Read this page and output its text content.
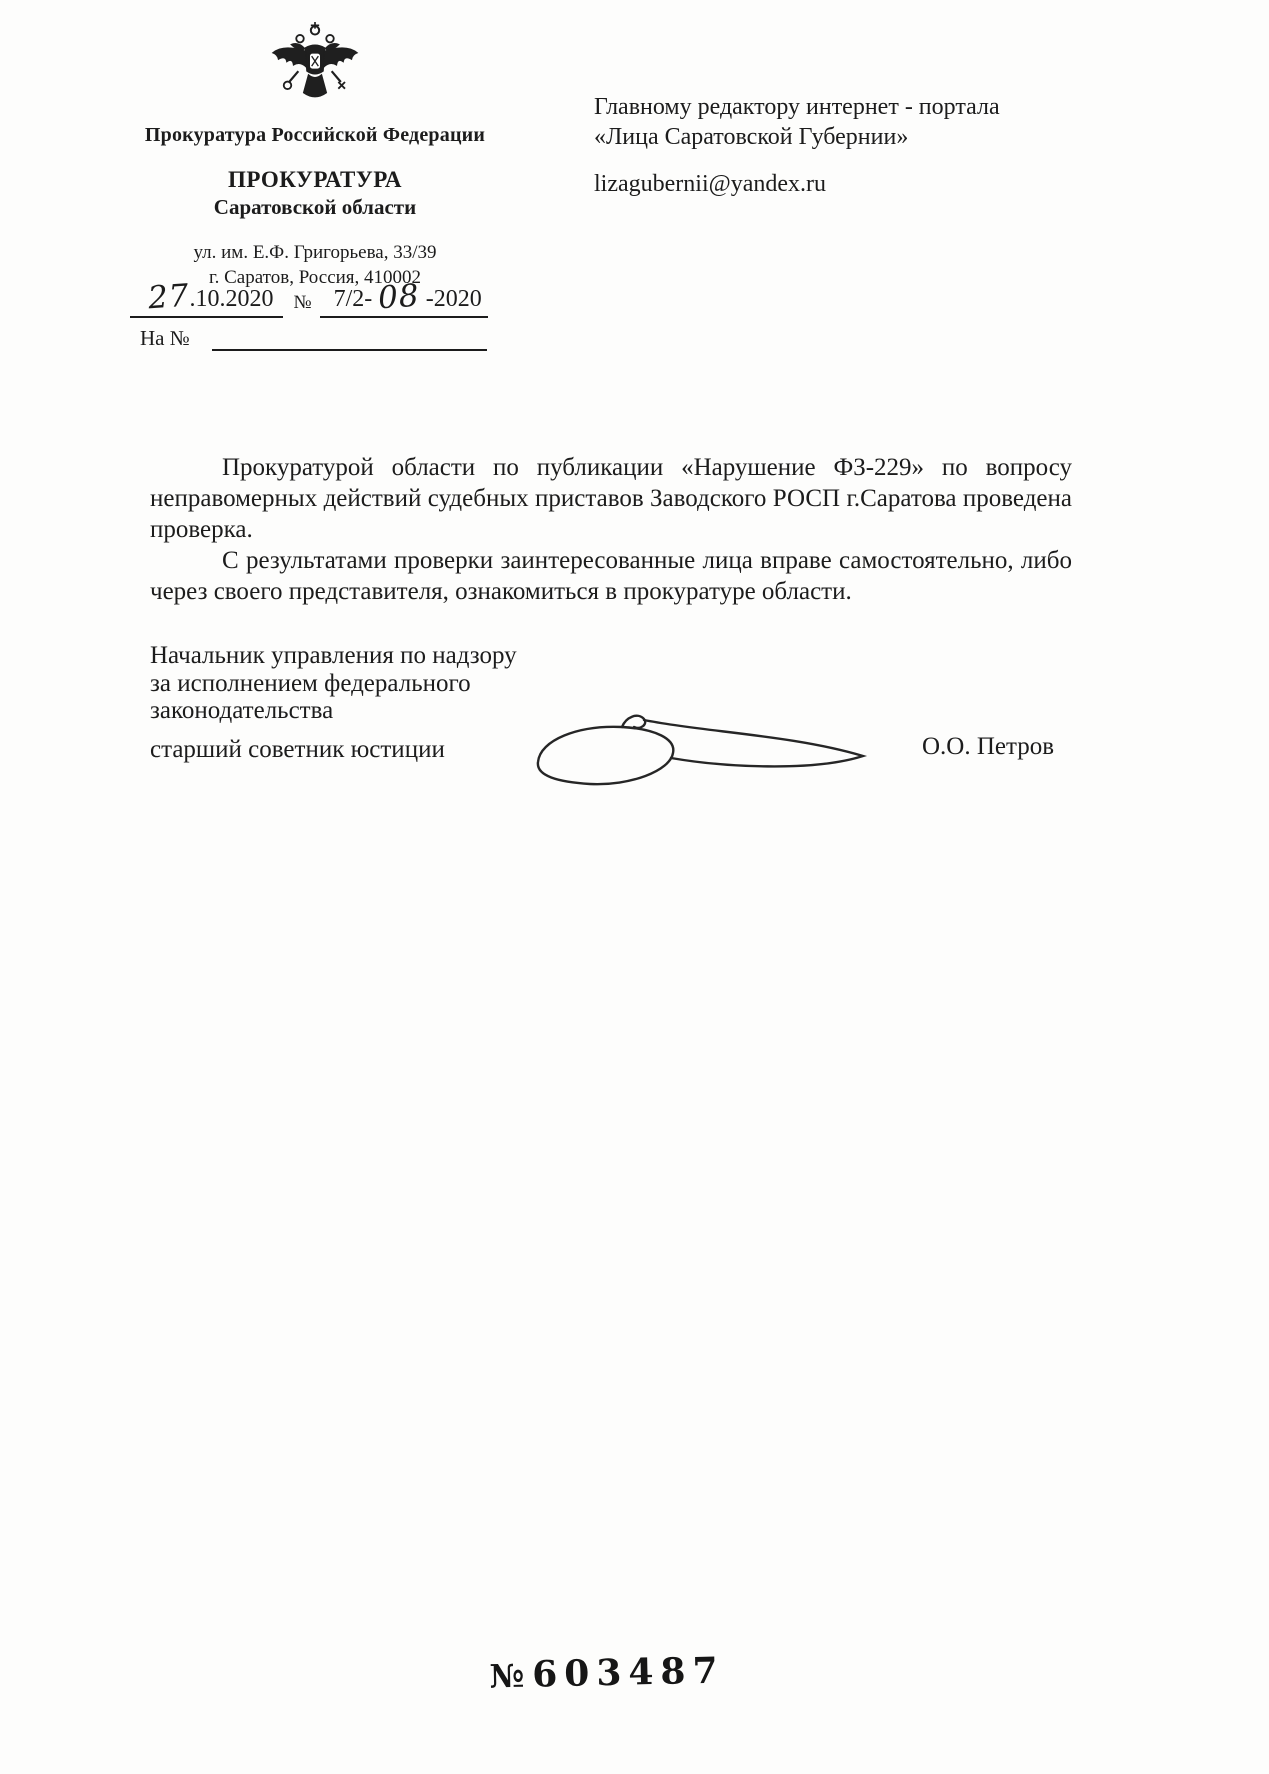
Прокуратура Российской Федерации
ПРОКУРАТУРА
Саратовской области
ул. им. Е.Ф. Григорьева, 33/39
г. Саратов, Россия, 410002
27.10.2020	№ 7/2- 08 -2020
На №
Главному редактору интернет - портала
«Лица Саратовской Губернии»
lizagubernii@yandex.ru

Прокуратурой области по публикации «Нарушение ФЗ-229» по вопросу неправомерных действий судебных приставов Заводского РОСП г.Саратова проведена проверка.

С результатами проверки заинтересованные лица вправе самостоятельно, либо через своего представителя, ознакомиться в прокуратуре области.

Начальник управления по надзору
за исполнением федерального
законодательства
старший советник юстиции	О.О. Петров
№ 603487
